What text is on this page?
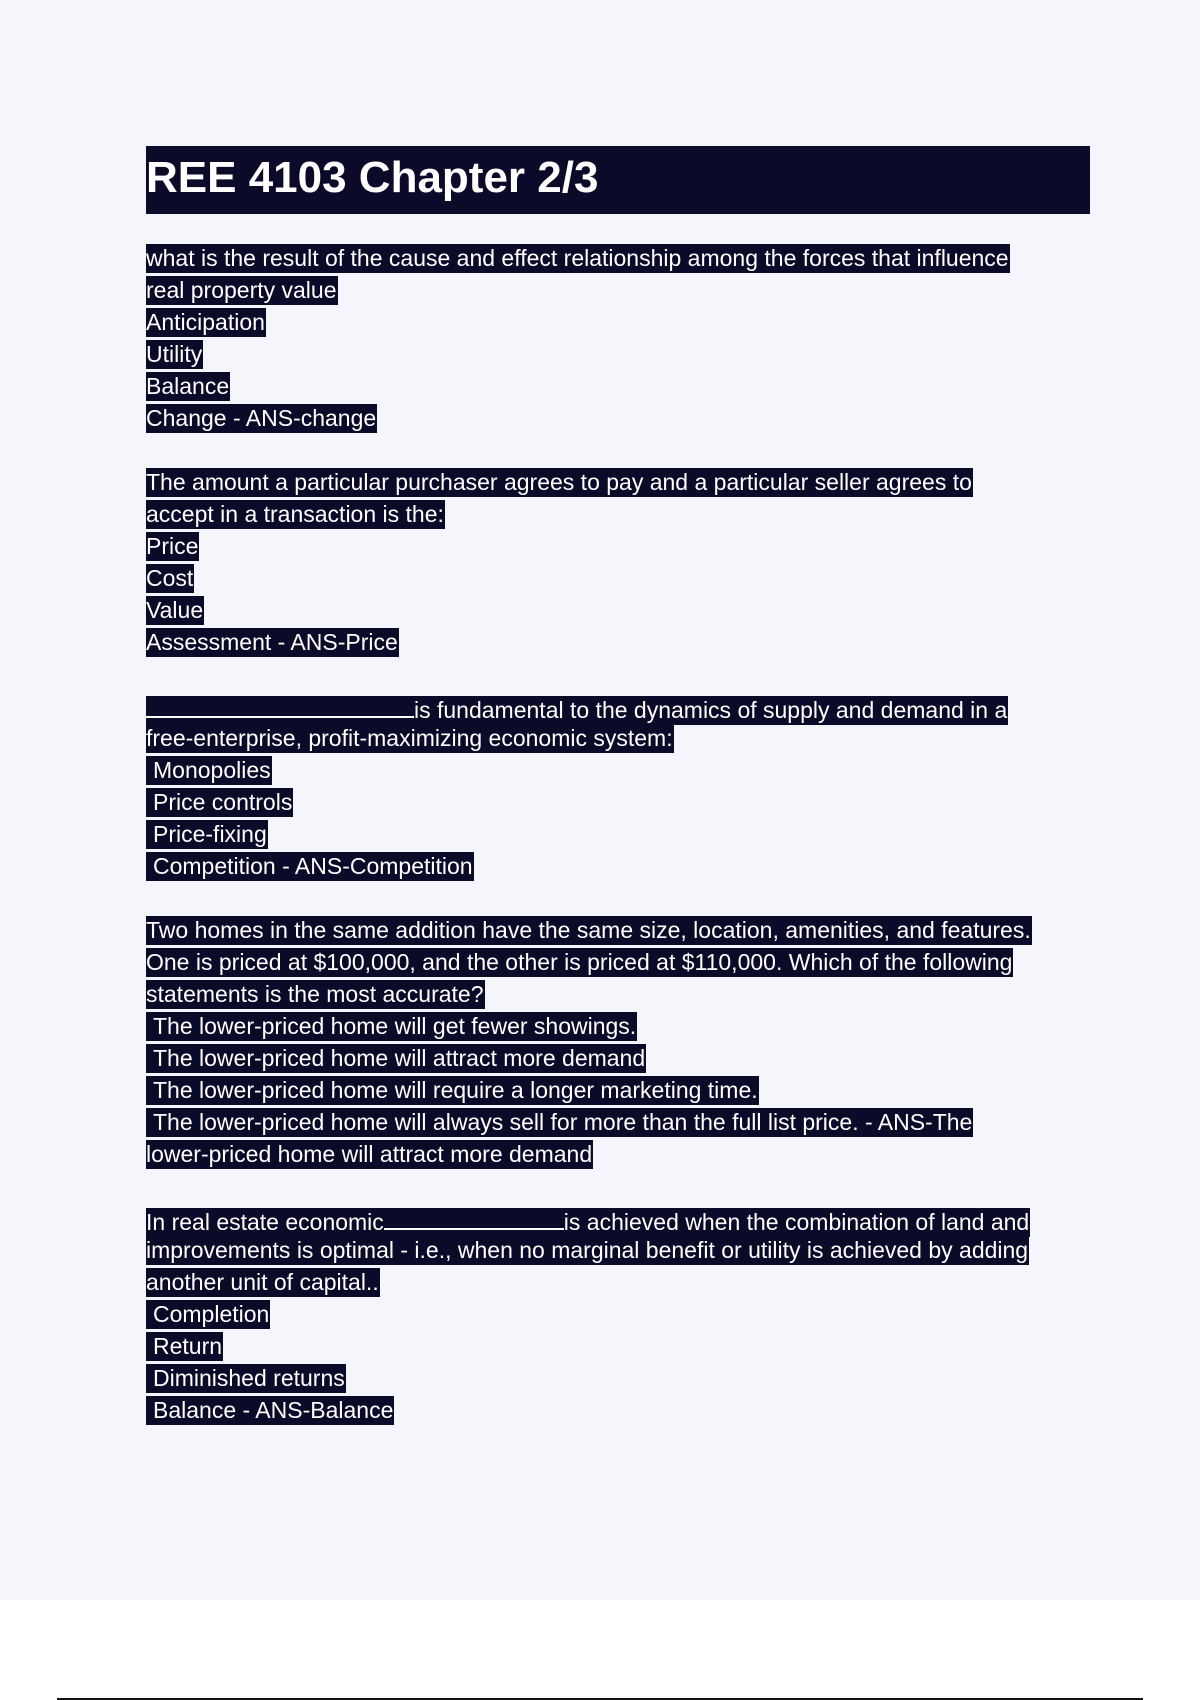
REE 4103 Chapter 2/3
what is the result of the cause and effect relationship among the forces that influence
real property value
Anticipation
Utility
Balance
Change - ANS-change
The amount a particular purchaser agrees to pay and a particular seller agrees to
accept in a transaction is the:
Price
Cost
Value
Assessment - ANS-Price
is fundamental to the dynamics of supply and demand in a
free-enterprise, profit-maximizing economic system:
Monopolies
Price controls
Price-fixing
Competition - ANS-Competition
Two homes in the same addition have the same size, location, amenities, and features.
One is priced at $100,000, and the other is priced at $110,000. Which of the following
statements is the most accurate?
The lower-priced home will get fewer showings.
The lower-priced home will attract more demand
The lower-priced home will require a longer marketing time.
The lower-priced home will always sell for more than the full list price. - ANS-The
lower-priced home will attract more demand
In real estate economic	is achieved when the combination of land and
improvements is optimal - i.e., when no marginal benefit or utility is achieved by adding
another unit of capital..
Completion
Return
Diminished returns
Balance - ANS-Balance
